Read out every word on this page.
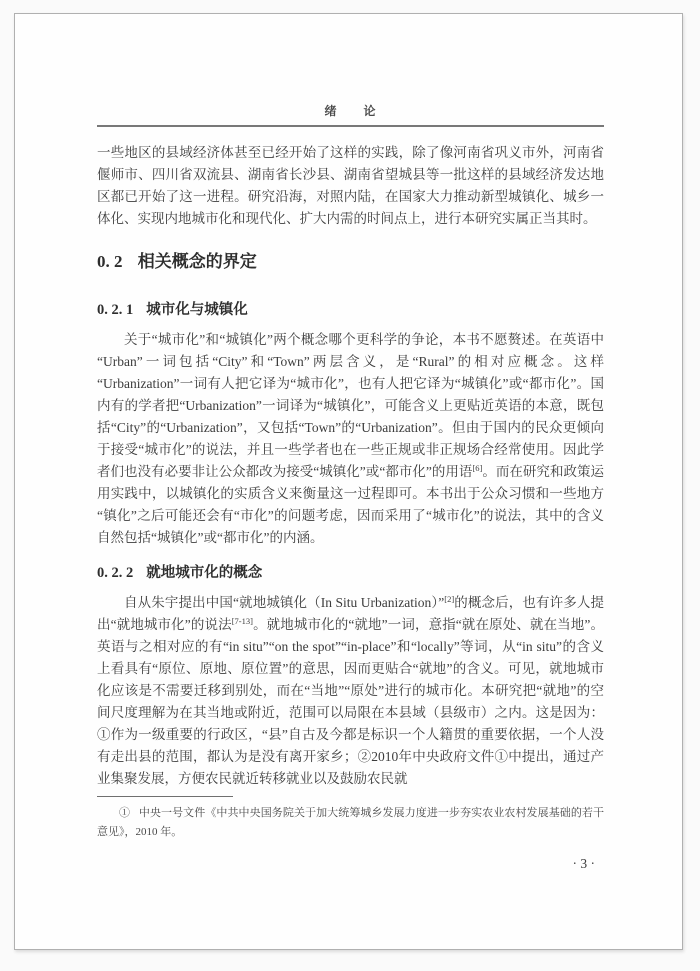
绪　　论

一些地区的县域经济体甚至已经开始了这样的实践，除了像河南省巩义市外，河南省偃师市、四川省双流县、湖南省长沙县、湖南省望城县等一批这样的县域经济发达地区都已开始了这一进程。研究沿海，对照内陆，在国家大力推动新型城镇化、城乡一体化、实现内地城市化和现代化、扩大内需的时间点上，进行本研究实属正当其时。

0. 2 相关概念的界定
0. 2. 1 城市化与城镇化

关于“城市化”和“城镇化”两个概念哪个更科学的争论，本书不愿赘述。在英语中“Urban”一词包括“City”和“Town”两层含义，是“Rural”的相对应概念。这样“Urbanization”一词有人把它译为“城市化”，也有人把它译为“城镇化”或“都市化”。国内有的学者把“Urbanization”一词译为“城镇化”，可能含义上更贴近英语的本意，既包括“City”的“Urbanization”，又包括“Town”的“Urbanization”。但由于国内的民众更倾向于接受“城市化”的说法，并且一些学者也在一些正规或非正规场合经常使用。因此学者们也没有必要非让公众都改为接受“城镇化”或“都市化”的用语[6]。而在研究和政策运用实践中，以城镇化的实质含义来衡量这一过程即可。本书出于公众习惯和一些地方“镇化”之后可能还会有“市化”的问题考虑，因而采用了“城市化”的说法，其中的含义自然包括“城镇化”或“都市化”的内涵。

0. 2. 2 就地城市化的概念

自从朱宇提出中国“就地城镇化（In Situ Urbanization）”[2]的概念后，也有许多人提出“就地城市化”的说法[7-13]。就地城市化的“就地”一词，意指“就在原处、就在当地”。英语与之相对应的有“in situ”“on the spot”“in-place”和“locally”等词，从“in situ”的含义上看具有“原位、原地、原位置”的意思，因而更贴合“就地”的含义。可见，就地城市化应该是不需要迁移到别处，而在“当地”“原处”进行的城市化。本研究把“就地”的空间尺度理解为在其当地或附近，范围可以局限在本县域（县级市）之内。这是因为：①作为一级重要的行政区，“县”自古及今都是标识一个人籍贯的重要依据，一个人没有走出县的范围，都认为是没有离开家乡；②2010年中央政府文件①中提出，通过产业集聚发展，方便农民就近转移就业以及鼓励农民就

① 中央一号文件《中共中央国务院关于加大统筹城乡发展力度进一步夯实农业农村发展基础的若干意见》，2010 年。

· 3 ·
